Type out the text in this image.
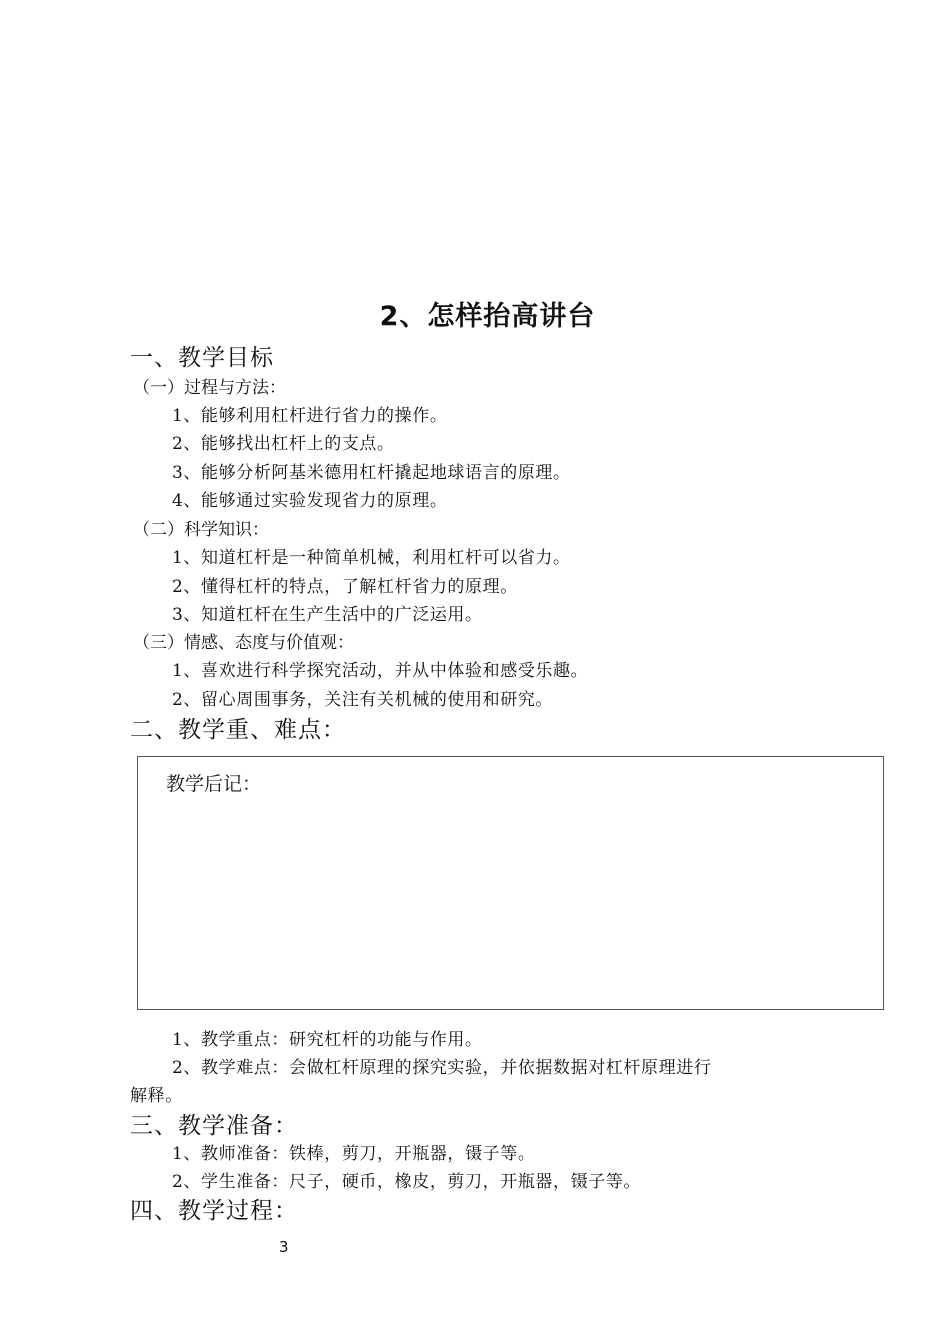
2、怎样抬高讲台
一、教学目标
（一）过程与方法：
1、能够利用杠杆进行省力的操作。
2、能够找出杠杆上的支点。
3、能够分析阿基米德用杠杆撬起地球语言的原理。
4、能够通过实验发现省力的原理。
（二）科学知识：
1、知道杠杆是一种简单机械，利用杠杆可以省力。
2、懂得杠杆的特点，了解杠杆省力的原理。
3、知道杠杆在生产生活中的广泛运用。
（三）情感、态度与价值观：
1、喜欢进行科学探究活动，并从中体验和感受乐趣。
2、留心周围事务，关注有关机械的使用和研究。
二、教学重、难点：
教学后记：
1、教学重点：研究杠杆的功能与作用。
2、教学难点：会做杠杆原理的探究实验，并依据数据对杠杆原理进行
解释。
三、教学准备：
1、教师准备：铁棒，剪刀，开瓶器，镊子等。
2、学生准备：尺子，硬币，橡皮，剪刀，开瓶器，镊子等。
四、教学过程：
3
